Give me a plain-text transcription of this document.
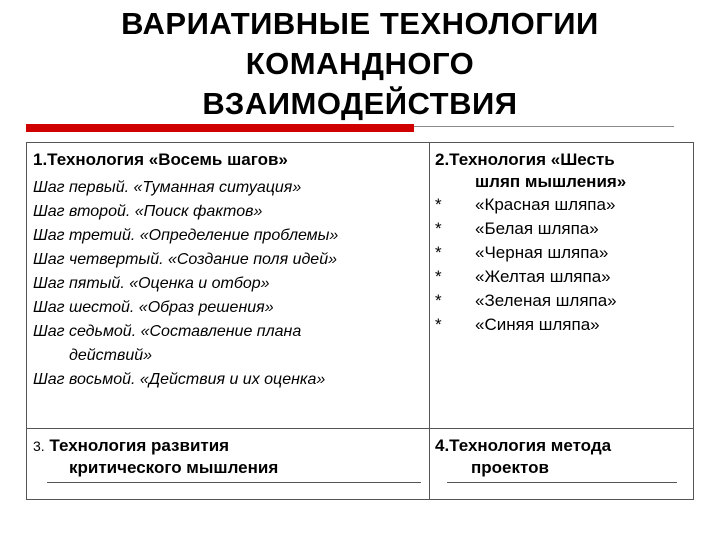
ВАРИАТИВНЫЕ ТЕХНОЛОГИИ
КОМАНДНОГО
ВЗАИМОДЕЙСТВИЯ
1.Технология «Восемь шагов»
Шаг первый. «Туманная ситуация»
Шаг второй. «Поиск фактов»
Шаг третий. «Определение проблемы»
Шаг четвертый. «Создание поля идей»
Шаг пятый. «Оценка и отбор»
Шаг шестой. «Образ решения»
Шаг седьмой. «Составление плана
действий»
Шаг восьмой. «Действия и их оценка»
2.Технология «Шесть
шляп мышления»
* «Красная шляпа»
* «Белая шляпа»
* «Черная шляпа»
* «Желтая шляпа»
* «Зеленая шляпа»
* «Синяя шляпа»
3. Технология развития
критического мышления
4.Технология метода
проектов
